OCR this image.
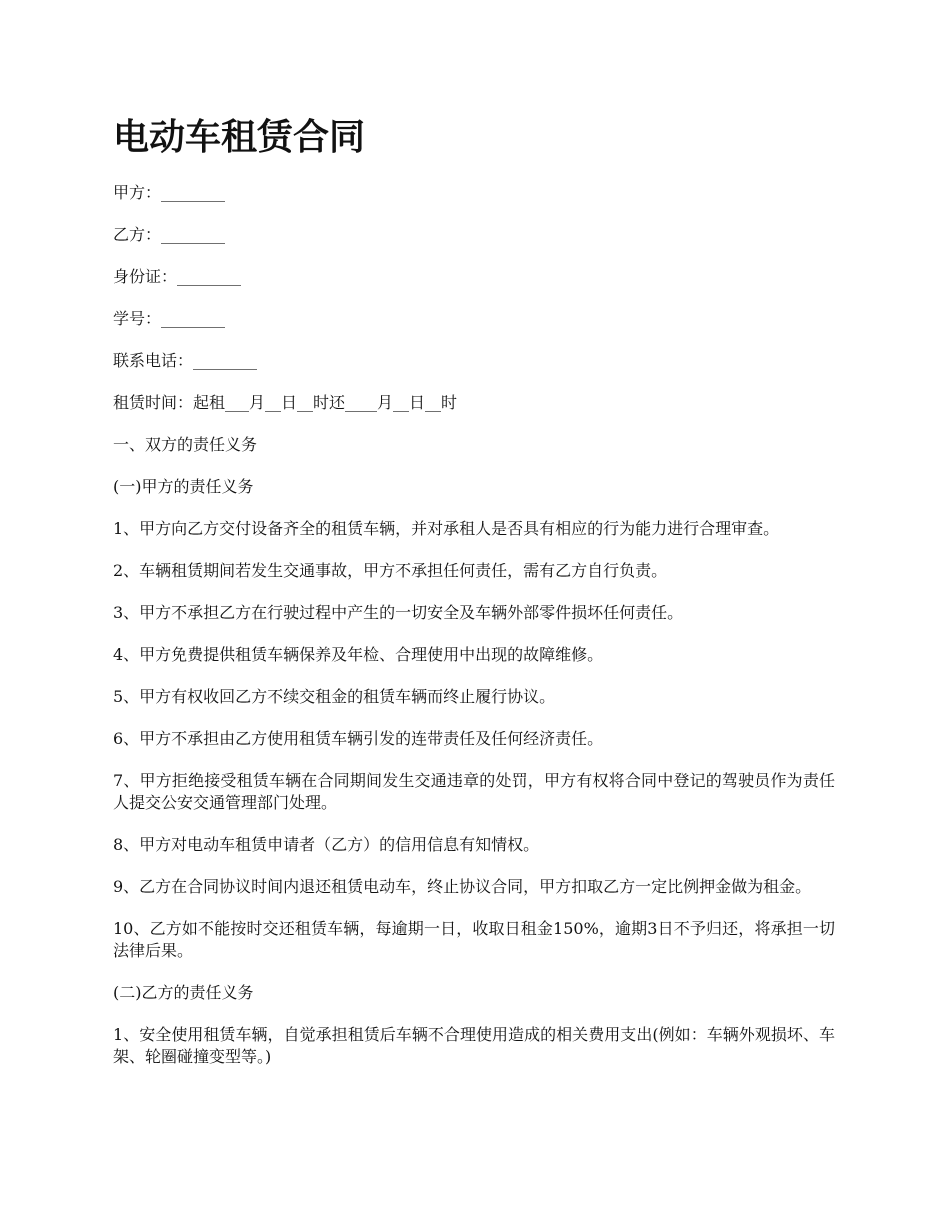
电动车租赁合同
甲方：________
乙方：________
身份证：________
学号：________
联系电话：________
租赁时间：起租___月__日__时还____月__日__时
一、双方的责任义务
(一)甲方的责任义务
1、甲方向乙方交付设备齐全的租赁车辆，并对承租人是否具有相应的行为能力进行合理审查。
2、车辆租赁期间若发生交通事故，甲方不承担任何责任，需有乙方自行负责。
3、甲方不承担乙方在行驶过程中产生的一切安全及车辆外部零件损坏任何责任。
4、甲方免费提供租赁车辆保养及年检、合理使用中出现的故障维修。
5、甲方有权收回乙方不续交租金的租赁车辆而终止履行协议。
6、甲方不承担由乙方使用租赁车辆引发的连带责任及任何经济责任。
7、甲方拒绝接受租赁车辆在合同期间发生交通违章的处罚，甲方有权将合同中登记的驾驶员作为责任人提交公安交通管理部门处理。
8、甲方对电动车租赁申请者（乙方）的信用信息有知情权。
9、乙方在合同协议时间内退还租赁电动车，终止协议合同，甲方扣取乙方一定比例押金做为租金。
10、乙方如不能按时交还租赁车辆，每逾期一日，收取日租金150%，逾期3日不予归还，将承担一切法律后果。
(二)乙方的责任义务
1、安全使用租赁车辆，自觉承担租赁后车辆不合理使用造成的相关费用支出(例如：车辆外观损坏、车架、轮圈碰撞变型等。)
